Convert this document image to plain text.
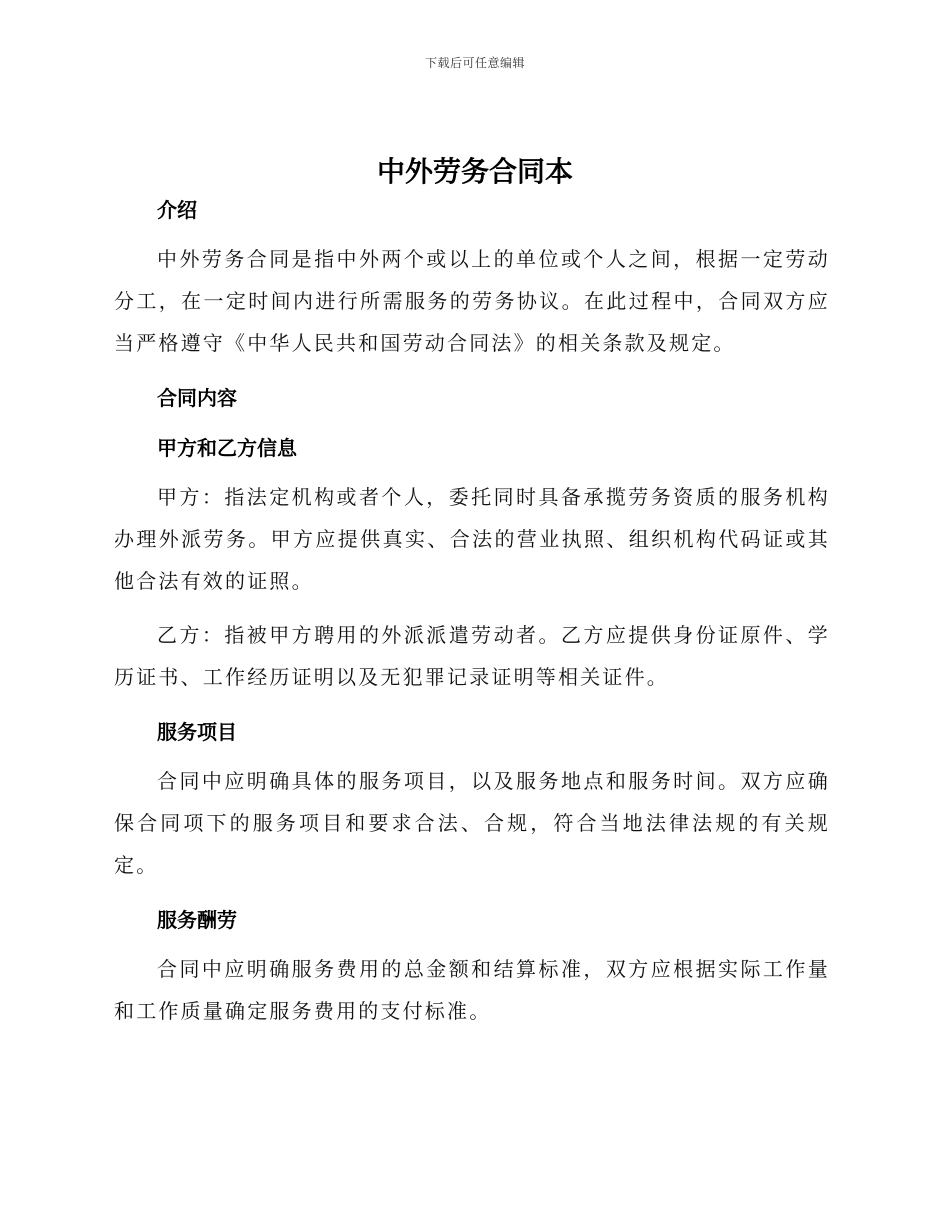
下载后可任意编辑
中外劳务合同本
介绍

中外劳务合同是指中外两个或以上的单位或个人之间，根据一定劳动分工，在一定时间内进行所需服务的劳务协议。在此过程中，合同双方应当严格遵守《中华人民共和国劳动合同法》的相关条款及规定。

合同内容
甲方和乙方信息

甲方：指法定机构或者个人，委托同时具备承揽劳务资质的服务机构办理外派劳务。甲方应提供真实、合法的营业执照、组织机构代码证或其他合法有效的证照。

乙方：指被甲方聘用的外派派遣劳动者。乙方应提供身份证原件、学历证书、工作经历证明以及无犯罪记录证明等相关证件。

服务项目

合同中应明确具体的服务项目，以及服务地点和服务时间。双方应确保合同项下的服务项目和要求合法、合规，符合当地法律法规的有关规定。

服务酬劳

合同中应明确服务费用的总金额和结算标准，双方应根据实际工作量和工作质量确定服务费用的支付标准。
